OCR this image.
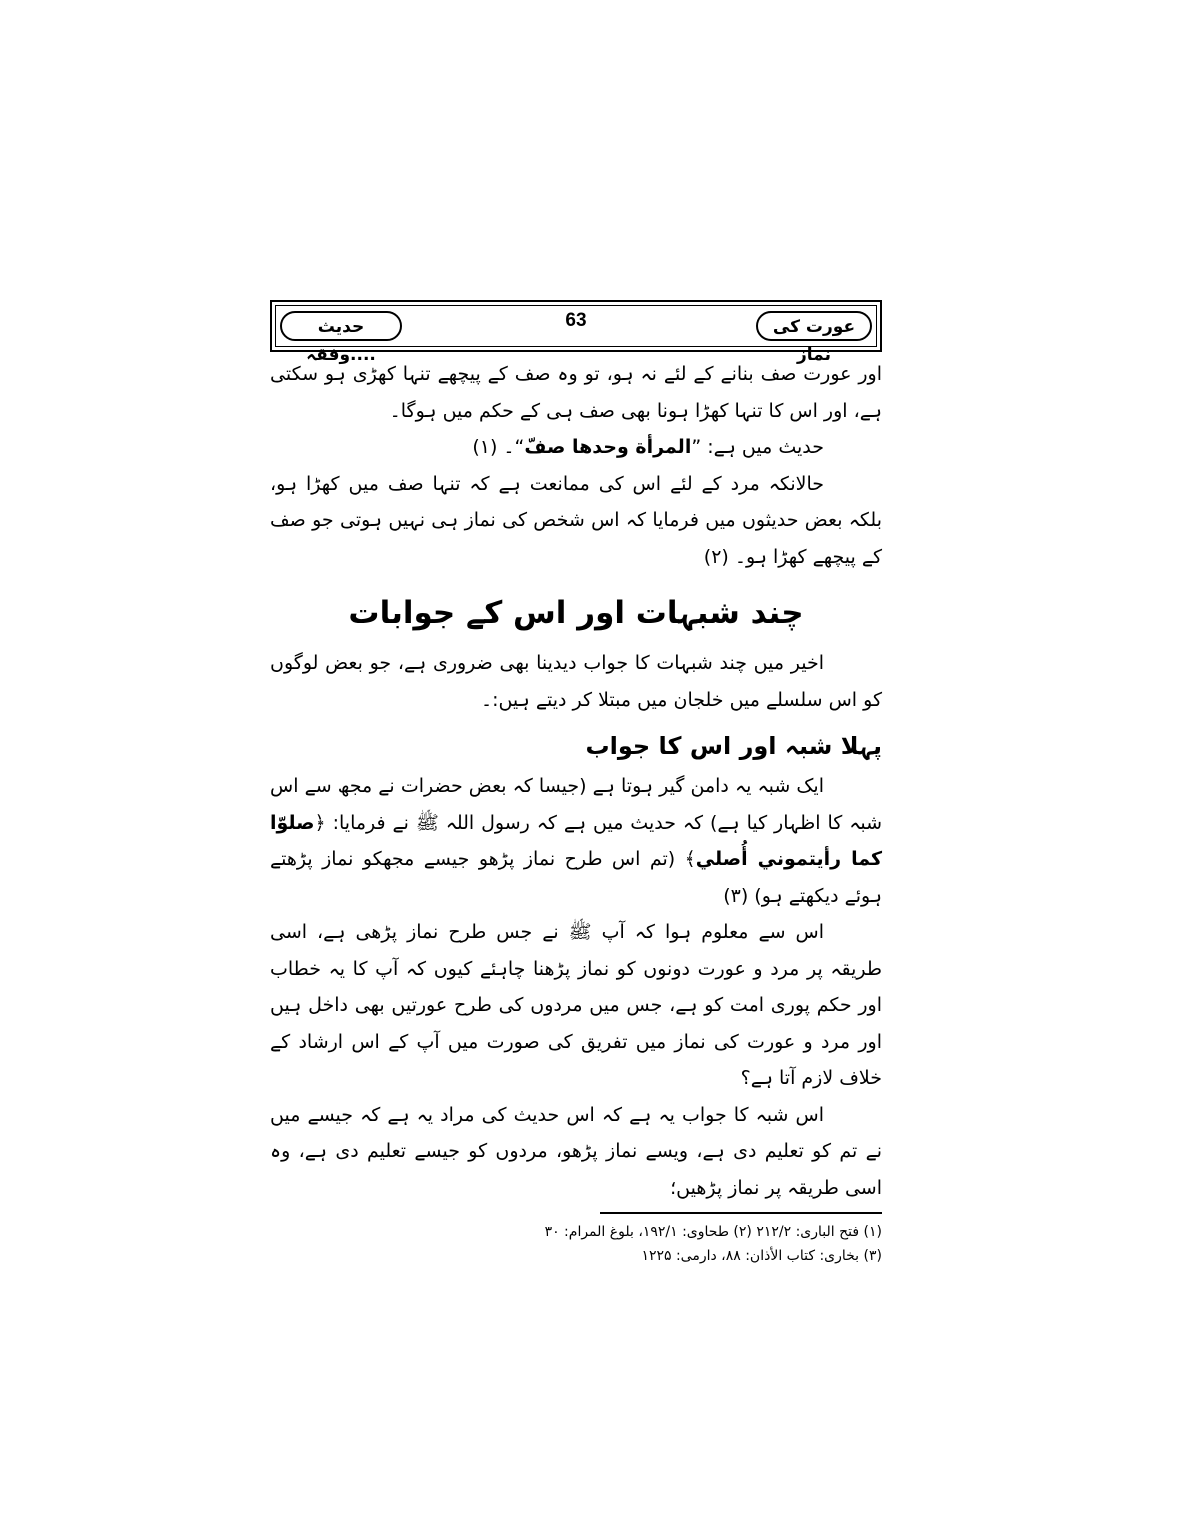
عورت کی نماز
63
حدیث وفقہ....

اور عورت صف بنانے کے لئے نہ ہو، تو وہ صف کے پیچھے تنہا کھڑی ہو سکتی ہے، اور اس کا تنہا کھڑا ہونا بھی صف ہی کے حکم میں ہوگا۔

حدیث میں ہے: ”المرأة وحدها صفّ“۔ (۱)

حالانکہ مرد کے لئے اس کی ممانعت ہے کہ تنہا صف میں کھڑا ہو، بلکہ بعض حدیثوں میں فرمایا کہ اس شخص کی نماز ہی نہیں ہوتی جو صف کے پیچھے کھڑا ہو۔ (۲)

چند شبہات اور اس کے جوابات

اخیر میں چند شبہات کا جواب دیدینا بھی ضروری ہے، جو بعض لوگوں کو اس سلسلے میں خلجان میں مبتلا کر دیتے ہیں:۔

پہلا شبہ اور اس کا جواب

ایک شبہ یہ دامن گیر ہوتا ہے (جیسا کہ بعض حضرات نے مجھ سے اس شبہ کا اظہار کیا ہے) کہ حدیث میں ہے کہ رسول اللہ ﷺ نے فرمایا: ﴿صلوّا كما رأيتموني أُصلي﴾ (تم اس طرح نماز پڑھو جیسے مجھکو نماز پڑھتے ہوئے دیکھتے ہو) (۳)

اس سے معلوم ہوا کہ آپ ﷺ نے جس طرح نماز پڑھی ہے، اسی طریقہ پر مرد و عورت دونوں کو نماز پڑھنا چاہئے کیوں کہ آپ کا یہ خطاب اور حکم پوری امت کو ہے، جس میں مردوں کی طرح عورتیں بھی داخل ہیں اور مرد و عورت کی نماز میں تفریق کی صورت میں آپ کے اس ارشاد کے خلاف لازم آتا ہے؟

اس شبہ کا جواب یہ ہے کہ اس حدیث کی مراد یہ ہے کہ جیسے میں نے تم کو تعلیم دی ہے، ویسے نماز پڑھو، مردوں کو جیسے تعلیم دی ہے، وہ اسی طریقہ پر نماز پڑھیں؛

(۱) فتح الباری: ۲۱۲/۲ (۲) طحاوی: ۱۹۲/۱، بلوغ المرام: ۳۰

(۳) بخاری: کتاب الأذان: ۸۸، دارمی: ۱۲۲۵
